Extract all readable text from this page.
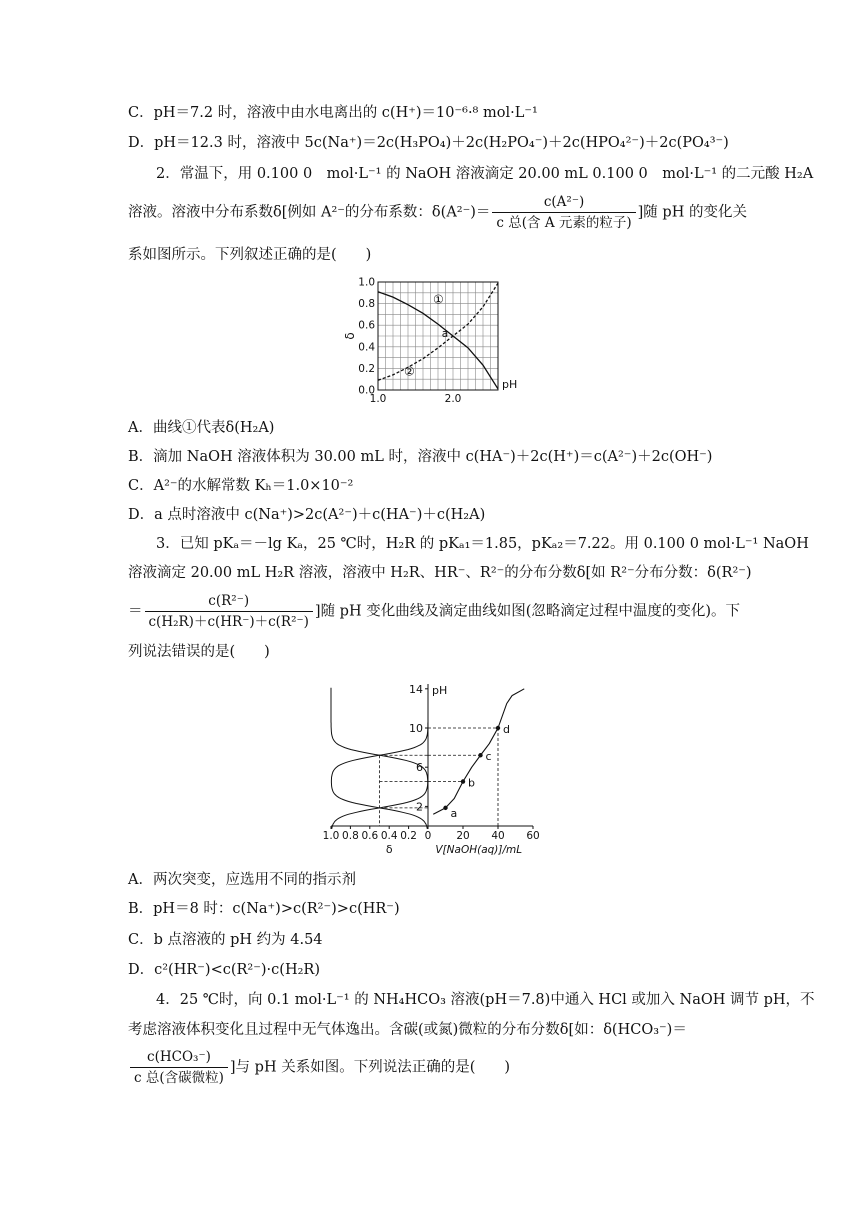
C．pH＝7.2 时，溶液中由水电离出的 c(H⁺)＝10⁻⁶·⁸ mol·L⁻¹
D．pH＝12.3 时，溶液中 5c(Na⁺)＝2c(H₃PO₄)＋2c(H₂PO₄⁻)＋2c(HPO₄²⁻)＋2c(PO₄³⁻)
2．常温下，用 0.100 0　mol·L⁻¹ 的 NaOH 溶液滴定 20.00 mL 0.100 0　mol·L⁻¹ 的二元酸 H₂A
溶液。溶液中分布系数δ[例如 A²⁻的分布系数：$\delta(A^{2-})= \frac{\text{c(A²⁻)}}{\text{c 总(含 A 元素的粒子)}}$ ]随 pH 的变化关
系如图所示。下列叙述正确的是(　　)
0.0
0.2
0.4
0.6
0.8
1.0
1.0	2.0
δ
pH
①
②
a
A．曲线①代表δ(H₂A)
B．滴加 NaOH 溶液体积为 30.00 mL 时，溶液中 c(HA⁻)＋2c(H⁺)＝c(A²⁻)＋2c(OH⁻)
C．A²⁻的水解常数 Kₕ＝1.0×10⁻²
D．a 点时溶液中 c(Na⁺)>2c(A²⁻)＋c(HA⁻)＋c(H₂A)
3．已知 pKₐ＝－lg Kₐ，25 ℃时，H₂R 的 pKₐ₁＝1.85，pKₐ₂＝7.22。用 0.100 0 mol·L⁻¹ NaOH
溶液滴定 20.00 mL H₂R 溶液，溶液中 H₂R、HR⁻、R²⁻的分布分数δ[如 R²⁻分布分数：δ(R²⁻)
＝ $\frac{\text{c(R²⁻)}}{\text{c(H₂R)＋c(HR⁻)＋c(R²⁻)}}$ ]随 pH 变化曲线及滴定曲线如图(忽略滴定过程中温度的变化)。下
列说法错误的是(　　)
pH
2
6
10
14
1.0 0.8 0.6 0.4 0.2 0 20 40 60
δ	V[NaOH(aq)]/mL
a
b
c
d
A．两次突变，应选用不同的指示剂
B．pH＝8 时：c(Na⁺)>c(R²⁻)>c(HR⁻)
C．b 点溶液的 pH 约为 4.54
D．c²(HR⁻)<c(R²⁻)·c(H₂R)
4．25 ℃时，向 0.1 mol·L⁻¹ 的 NH₄HCO₃ 溶液(pH＝7.8)中通入 HCl 或加入 NaOH 调节 pH，不
考虑溶液体积变化且过程中无气体逸出。含碳(或氮)微粒的分布分数δ[如：δ(HCO₃⁻)＝
$\frac{\text{c(HCO₃⁻)}}{\text{c 总(含碳微粒)}}$ ]与 pH 关系如图。下列说法正确的是(　　)
